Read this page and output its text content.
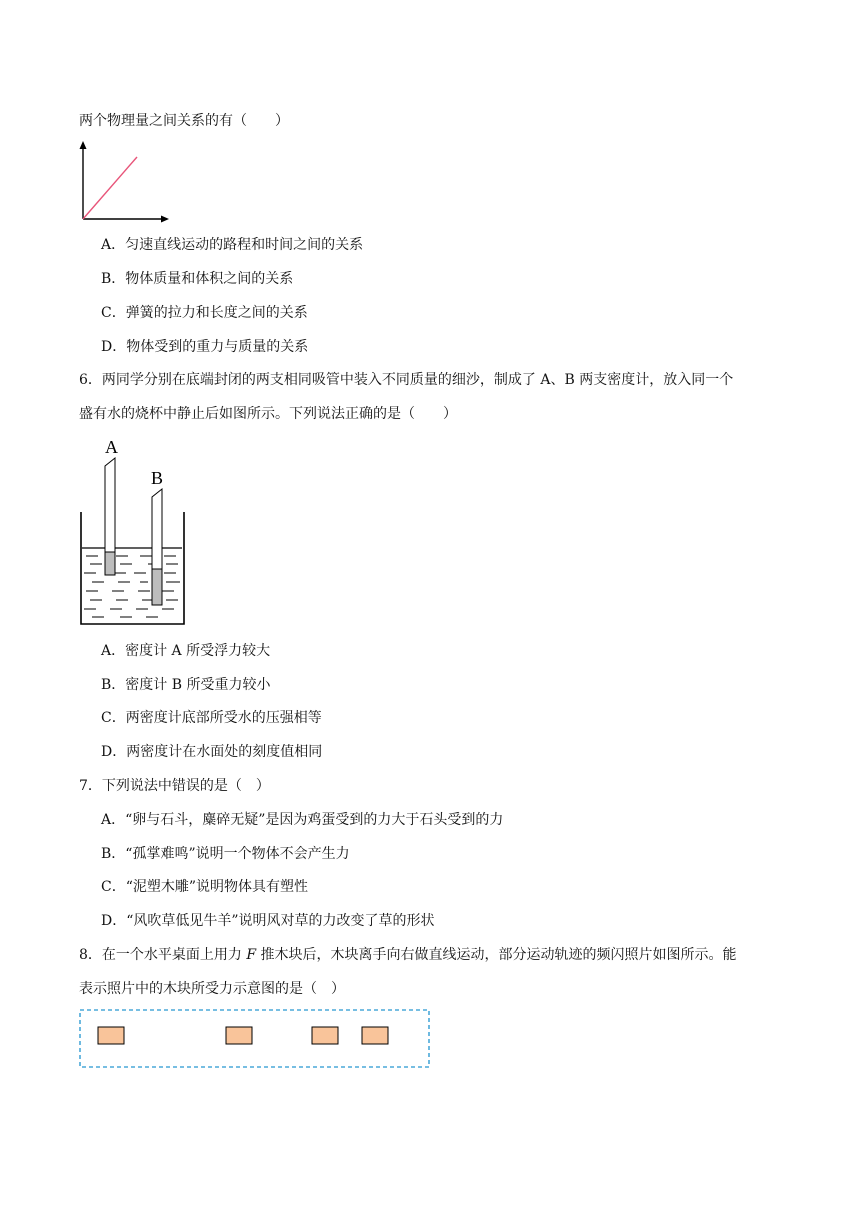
两个物理量之间关系的有（　　）
A．匀速直线运动的路程和时间之间的关系
B．物体质量和体积之间的关系
C．弹簧的拉力和长度之间的关系
D．物体受到的重力与质量的关系
6．两同学分别在底端封闭的两支相同吸管中装入不同质量的细沙，制成了 A、B 两支密度计，放入同一个
盛有水的烧杯中静止后如图所示。下列说法正确的是（　　）
A
B
A．密度计 A 所受浮力较大
B．密度计 B 所受重力较小
C．两密度计底部所受水的压强相等
D．两密度计在水面处的刻度值相同
7．下列说法中错误的是（　）
A．“卵与石斗，麋碎无疑”是因为鸡蛋受到的力大于石头受到的力
B．“孤掌难鸣”说明一个物体不会产生力
C．“泥塑木雕”说明物体具有塑性
D．“风吹草低见牛羊”说明风对草的力改变了草的形状
8．在一个水平桌面上用力 F 推木块后，木块离手向右做直线运动，部分运动轨迹的频闪照片如图所示。能
表示照片中的木块所受力示意图的是（　）
